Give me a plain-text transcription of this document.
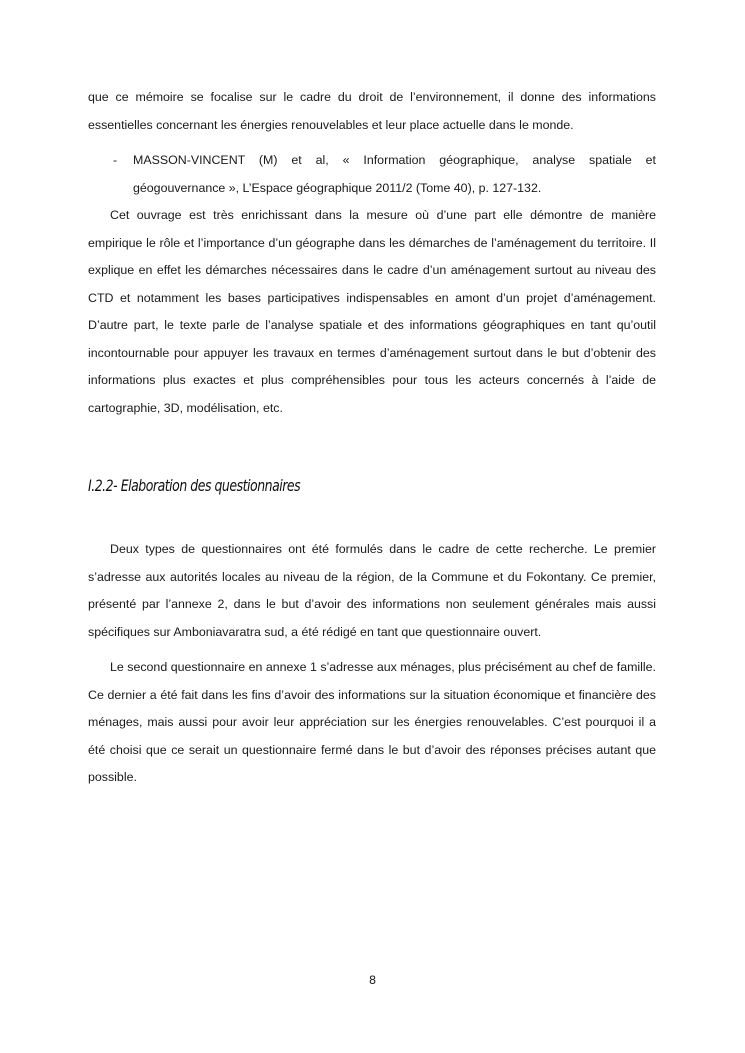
que ce mémoire se focalise sur le cadre du droit de l’environnement, il donne des informations essentielles concernant les énergies renouvelables et leur place actuelle dans le monde.

- MASSON-VINCENT (M) et al, « Information géographique, analyse spatiale et géogouvernance », L’Espace géographique 2011/2 (Tome 40), p. 127-132.

Cet ouvrage est très enrichissant dans la mesure où d’une part elle démontre de manière empirique le rôle et l’importance d’un géographe dans les démarches de l’aménagement du territoire. Il explique en effet les démarches nécessaires dans le cadre d’un aménagement surtout au niveau des CTD et notamment les bases participatives indispensables en amont d’un projet d’aménagement. D’autre part, le texte parle de l’analyse spatiale et des informations géographiques en tant qu’outil incontournable pour appuyer les travaux en termes d’aménagement surtout dans le but d’obtenir des informations plus exactes et plus compréhensibles pour tous les acteurs concernés à l’aide de cartographie, 3D, modélisation, etc.

I.2.2- Elaboration des questionnaires

Deux types de questionnaires ont été formulés dans le cadre de cette recherche. Le premier s’adresse aux autorités locales au niveau de la région, de la Commune et du Fokontany. Ce premier, présenté par l’annexe 2, dans le but d’avoir des informations non seulement générales mais aussi spécifiques sur Amboniavaratra sud, a été rédigé en tant que questionnaire ouvert.

Le second questionnaire en annexe 1 s’adresse aux ménages, plus précisément au chef de famille. Ce dernier a été fait dans les fins d’avoir des informations sur la situation économique et financière des ménages, mais aussi pour avoir leur appréciation sur les énergies renouvelables. C’est pourquoi il a été choisi que ce serait un questionnaire fermé dans le but d’avoir des réponses précises autant que possible.

8
